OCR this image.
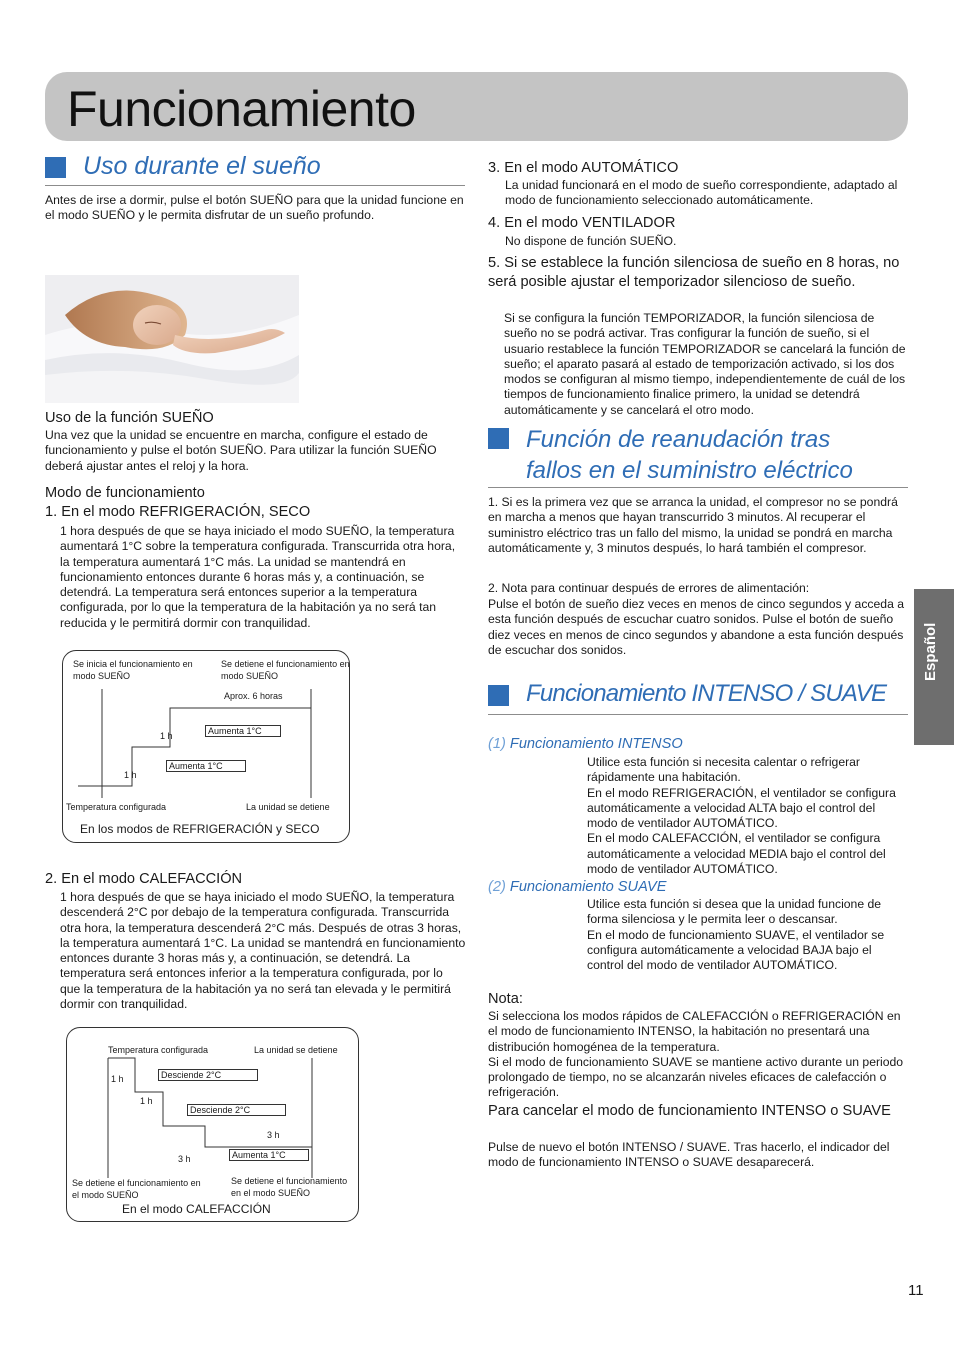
Funcionamiento
Uso durante el sueño
Antes de irse a dormir, pulse el botón SUEÑO para que la unidad funcione en el modo SUEÑO y le permita disfrutar de un sueño profundo.
Uso de la función SUEÑO
Una vez que la unidad se encuentre en marcha, configure el estado de funcionamiento y pulse el botón SUEÑO. Para utilizar la función SUEÑO deberá ajustar antes el reloj y la hora.
Modo de funcionamiento
1. En el modo REFRIGERACIÓN, SECO
1 hora después de que se haya iniciado el modo SUEÑO, la temperatura aumentará 1°C sobre la temperatura configurada. Transcurrida otra hora, la temperatura aumentará 1°C más. La unidad se mantendrá en funcionamiento entonces durante 6 horas más y, a continuación, se detendrá. La temperatura será entonces superior a la temperatura configurada, por lo que la temperatura de la habitación ya no será tan reducida y le permitirá dormir con tranquilidad.
Se inicia el funcionamiento en modo SUEÑO
Se detiene el funcionamiento en modo SUEÑO
Aprox. 6 horas
1 h	Aumenta 1°C
1 h
Aumenta 1°C
Temperatura configurada	La unidad se detiene
En los modos de REFRIGERACIÓN y SECO
2. En el modo CALEFACCIÓN
1 hora después de que se haya iniciado el modo SUEÑO, la temperatura descenderá 2°C por debajo de la temperatura configurada. Transcurrida otra hora, la temperatura descenderá 2°C más. Después de otras 3 horas, la temperatura aumentará 1°C. La unidad se mantendrá en funcionamiento entonces durante 3 horas más y, a continuación, se detendrá. La temperatura será entonces inferior a la temperatura configurada, por lo que la temperatura de la habitación ya no será tan elevada y le permitirá dormir con tranquilidad.
Temperatura configurada	La unidad se detiene
1 h	Desciende 2°C
1 h
Desciende 2°C
3 h
3 h	Aumenta 1°C
Se detiene el funcionamiento en el modo SUEÑO
Se detiene el funcionamiento en el modo SUEÑO
En el modo CALEFACCIÓN
3. En el modo AUTOMÁTICO
La unidad funcionará en el modo de sueño correspondiente, adaptado al modo de funcionamiento seleccionado automáticamente.
4. En el modo VENTILADOR
No dispone de función SUEÑO.
5. Si se establece la función silenciosa de sueño en 8 horas, no será posible ajustar el temporizador silencioso de sueño.
Si se configura la función TEMPORIZADOR, la función silenciosa de sueño no se podrá activar. Tras configurar la función de sueño, si el usuario restablece la función TEMPORIZADOR se cancelará la función de sueño; el aparato pasará al estado de temporización activado, si los dos modos se configuran al mismo tiempo, independientemente de cuál de los tiempos de funcionamiento finalice primero, la unidad se detendrá automáticamente y se cancelará el otro modo.
Función de reanudación tras
fallos en el suministro eléctrico
1. Si es la primera vez que se arranca la unidad, el compresor no se pondrá en marcha a menos que hayan transcurrido 3 minutos. Al recuperar el suministro eléctrico tras un fallo del mismo, la unidad se pondrá en marcha automáticamente y, 3 minutos después, lo hará también el compresor.
2. Nota para continuar después de errores de alimentación:
Pulse el botón de sueño diez veces en menos de cinco segundos y acceda a esta función después de escuchar cuatro sonidos. Pulse el botón de sueño diez veces en menos de cinco segundos y abandone a esta función después de escuchar dos sonidos.
Funcionamiento INTENSO / SUAVE
(1) Funcionamiento INTENSO
Utilice esta función si necesita calentar o refrigerar rápidamente una habitación.
En el modo REFRIGERACIÓN, el ventilador se configura automáticamente a velocidad ALTA bajo el control del modo de ventilador AUTOMÁTICO.
En el modo CALEFACCIÓN, el ventilador se configura automáticamente a velocidad MEDIA bajo el control del modo de ventilador AUTOMÁTICO.
(2) Funcionamiento SUAVE
Utilice esta función si desea que la unidad funcione de forma silenciosa y le permita leer o descansar.
En el modo de funcionamiento SUAVE, el ventilador se configura automáticamente a velocidad BAJA bajo el control del modo de ventilador AUTOMÁTICO.
Nota:
Si selecciona los modos rápidos de CALEFACCIÓN o REFRIGERACIÓN en el modo de funcionamiento INTENSO, la habitación no presentará una distribución homogénea de la temperatura.
Si el modo de funcionamiento SUAVE se mantiene activo durante un periodo prolongado de tiempo, no se alcanzarán niveles eficaces de calefacción o refrigeración.
Para cancelar el modo de funcionamiento INTENSO o SUAVE
Pulse de nuevo el botón INTENSO / SUAVE. Tras hacerlo, el indicador del modo de funcionamiento INTENSO o SUAVE desaparecerá.
Español
11
